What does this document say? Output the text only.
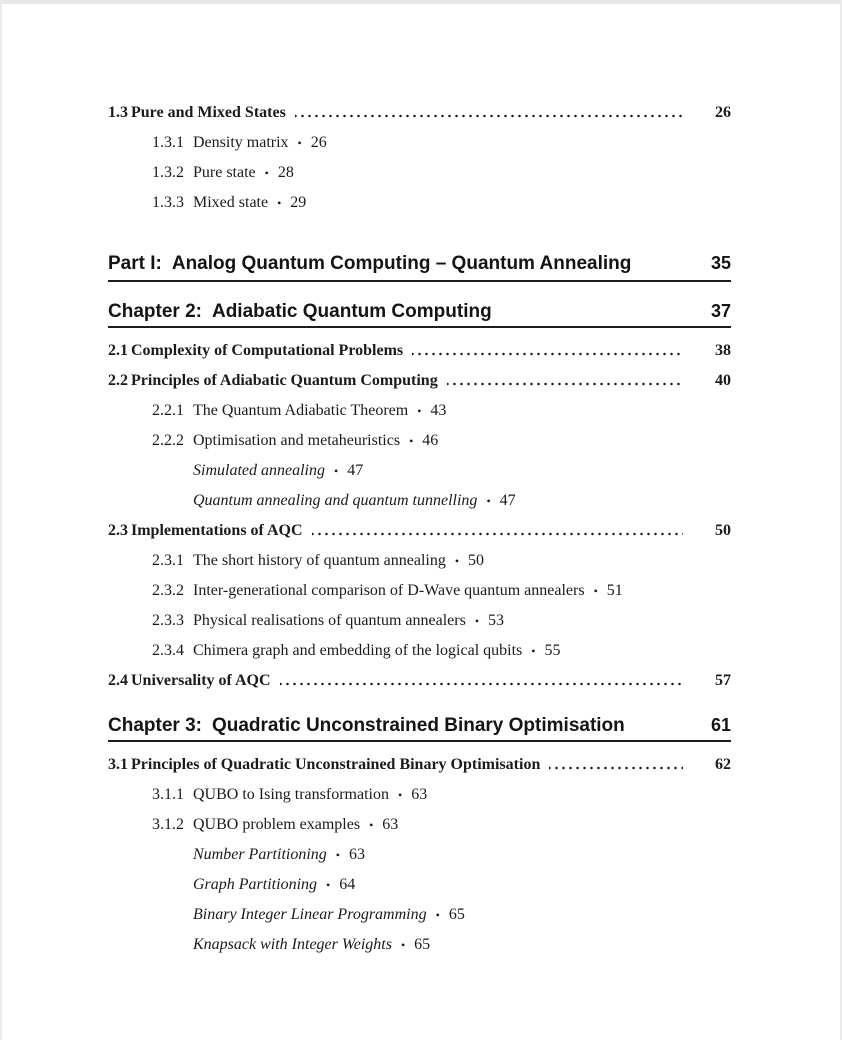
1.3 Pure and Mixed States	26
1.3.1 Density matrix • 26
1.3.2 Pure state • 28
1.3.3 Mixed state • 29
Part I: Analog Quantum Computing – Quantum Annealing	35
Chapter 2: Adiabatic Quantum Computing	37
2.1 Complexity of Computational Problems	38
2.2 Principles of Adiabatic Quantum Computing	40
2.2.1 The Quantum Adiabatic Theorem • 43
2.2.2 Optimisation and metaheuristics • 46
Simulated annealing • 47
Quantum annealing and quantum tunnelling • 47
2.3 Implementations of AQC	50
2.3.1 The short history of quantum annealing • 50
2.3.2 Inter-generational comparison of D-Wave quantum annealers • 51
2.3.3 Physical realisations of quantum annealers • 53
2.3.4 Chimera graph and embedding of the logical qubits • 55
2.4 Universality of AQC	57
Chapter 3: Quadratic Unconstrained Binary Optimisation	61
3.1 Principles of Quadratic Unconstrained Binary Optimisation	62
3.1.1 QUBO to Ising transformation • 63
3.1.2 QUBO problem examples • 63
Number Partitioning • 63
Graph Partitioning • 64
Binary Integer Linear Programming • 65
Knapsack with Integer Weights • 65
